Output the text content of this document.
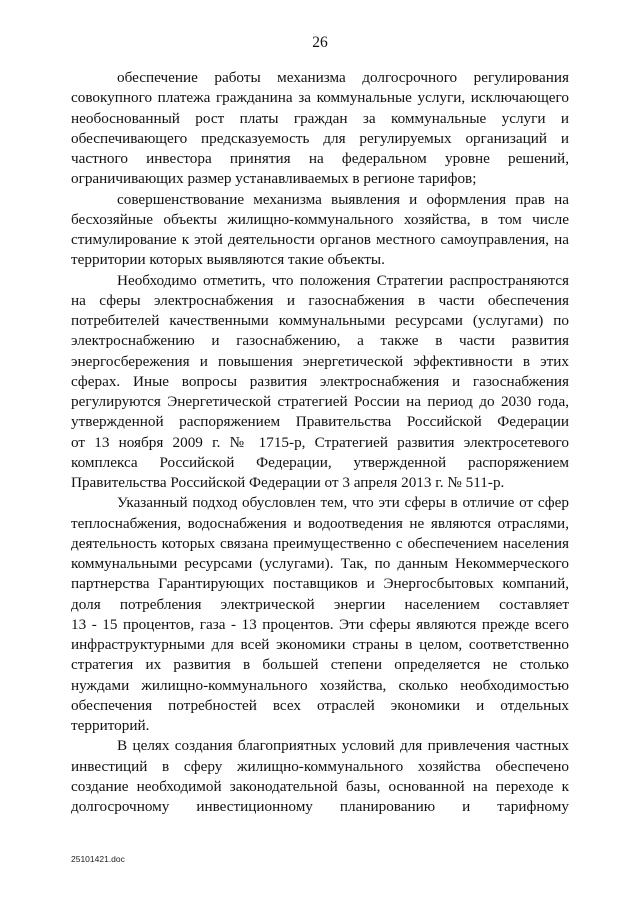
26
обеспечение работы механизма долгосрочного регулирования
совокупного платежа гражданина за коммунальные услуги, исключающего
необоснованный рост платы граждан за коммунальные услуги и
обеспечивающего предсказуемость для регулируемых организаций и
частного инвестора принятия на федеральном уровне решений,
ограничивающих размер устанавливаемых в регионе тарифов;
совершенствование механизма выявления и оформления прав на
бесхозяйные объекты жилищно-коммунального хозяйства, в том числе
стимулирование к этой деятельности органов местного самоуправления, на
территории которых выявляются такие объекты.
Необходимо отметить, что положения Стратегии распространяются
на сферы электроснабжения и газоснабжения в части обеспечения
потребителей качественными коммунальными ресурсами (услугами) по
электроснабжению и газоснабжению, а также в части развития
энергосбережения и повышения энергетической эффективности в этих
сферах. Иные вопросы развития электроснабжения и газоснабжения
регулируются Энергетической стратегией России на период до 2030 года,
утвержденной распоряжением Правительства Российской Федерации
от 13 ноября 2009 г. № 1715-р, Стратегией развития электросетевого
комплекса Российской Федерации, утвержденной распоряжением
Правительства Российской Федерации от 3 апреля 2013 г. № 511-р.
Указанный подход обусловлен тем, что эти сферы в отличие от сфер
теплоснабжения, водоснабжения и водоотведения не являются отраслями,
деятельность которых связана преимущественно с обеспечением населения
коммунальными ресурсами (услугами). Так, по данным Некоммерческого
партнерства Гарантирующих поставщиков и Энергосбытовых компаний,
доля потребления электрической энергии населением составляет
13 - 15 процентов, газа - 13 процентов. Эти сферы являются прежде всего
инфраструктурными для всей экономики страны в целом, соответственно
стратегия их развития в большей степени определяется не столько
нуждами жилищно-коммунального хозяйства, сколько необходимостью
обеспечения потребностей всех отраслей экономики и отдельных
территорий.
В целях создания благоприятных условий для привлечения частных
инвестиций в сферу жилищно-коммунального хозяйства обеспечено
создание необходимой законодательной базы, основанной на переходе к
долгосрочному инвестиционному планированию и тарифному
25101421.doc
